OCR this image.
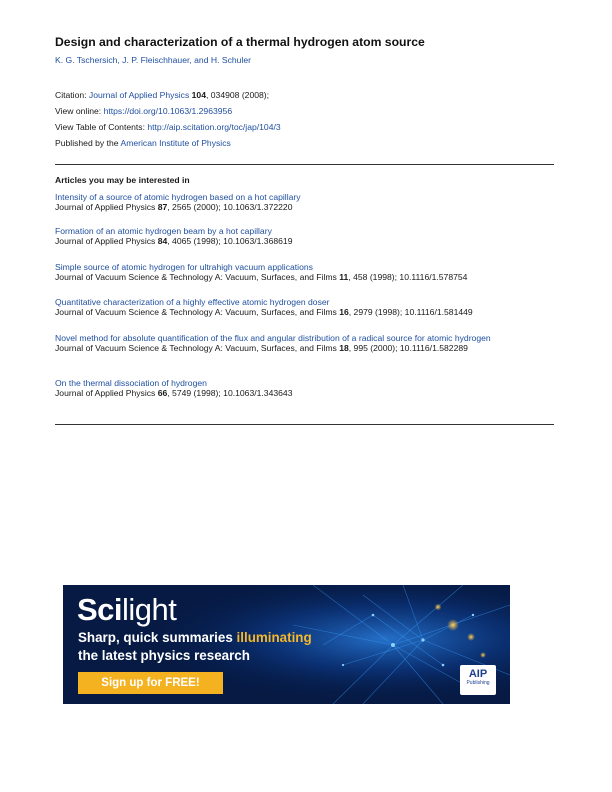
Design and characterization of a thermal hydrogen atom source
K. G. Tschersich, J. P. Fleischhauer, and H. Schuler
Citation: Journal of Applied Physics 104, 034908 (2008);
View online: https://doi.org/10.1063/1.2963956
View Table of Contents: http://aip.scitation.org/toc/jap/104/3
Published by the American Institute of Physics
Articles you may be interested in
Intensity of a source of atomic hydrogen based on a hot capillary
Journal of Applied Physics 87, 2565 (2000); 10.1063/1.372220
Formation of an atomic hydrogen beam by a hot capillary
Journal of Applied Physics 84, 4065 (1998); 10.1063/1.368619
Simple source of atomic hydrogen for ultrahigh vacuum applications
Journal of Vacuum Science & Technology A: Vacuum, Surfaces, and Films 11, 458 (1998); 10.1116/1.578754
Quantitative characterization of a highly effective atomic hydrogen doser
Journal of Vacuum Science & Technology A: Vacuum, Surfaces, and Films 16, 2979 (1998); 10.1116/1.581449
Novel method for absolute quantification of the flux and angular distribution of a radical source for atomic hydrogen
Journal of Vacuum Science & Technology A: Vacuum, Surfaces, and Films 18, 995 (2000); 10.1116/1.582289
On the thermal dissociation of hydrogen
Journal of Applied Physics 66, 5749 (1998); 10.1063/1.343643
Scilight
Sharp, quick summaries illuminating
the latest physics research
Sign up for FREE!
AIP
Publishing
